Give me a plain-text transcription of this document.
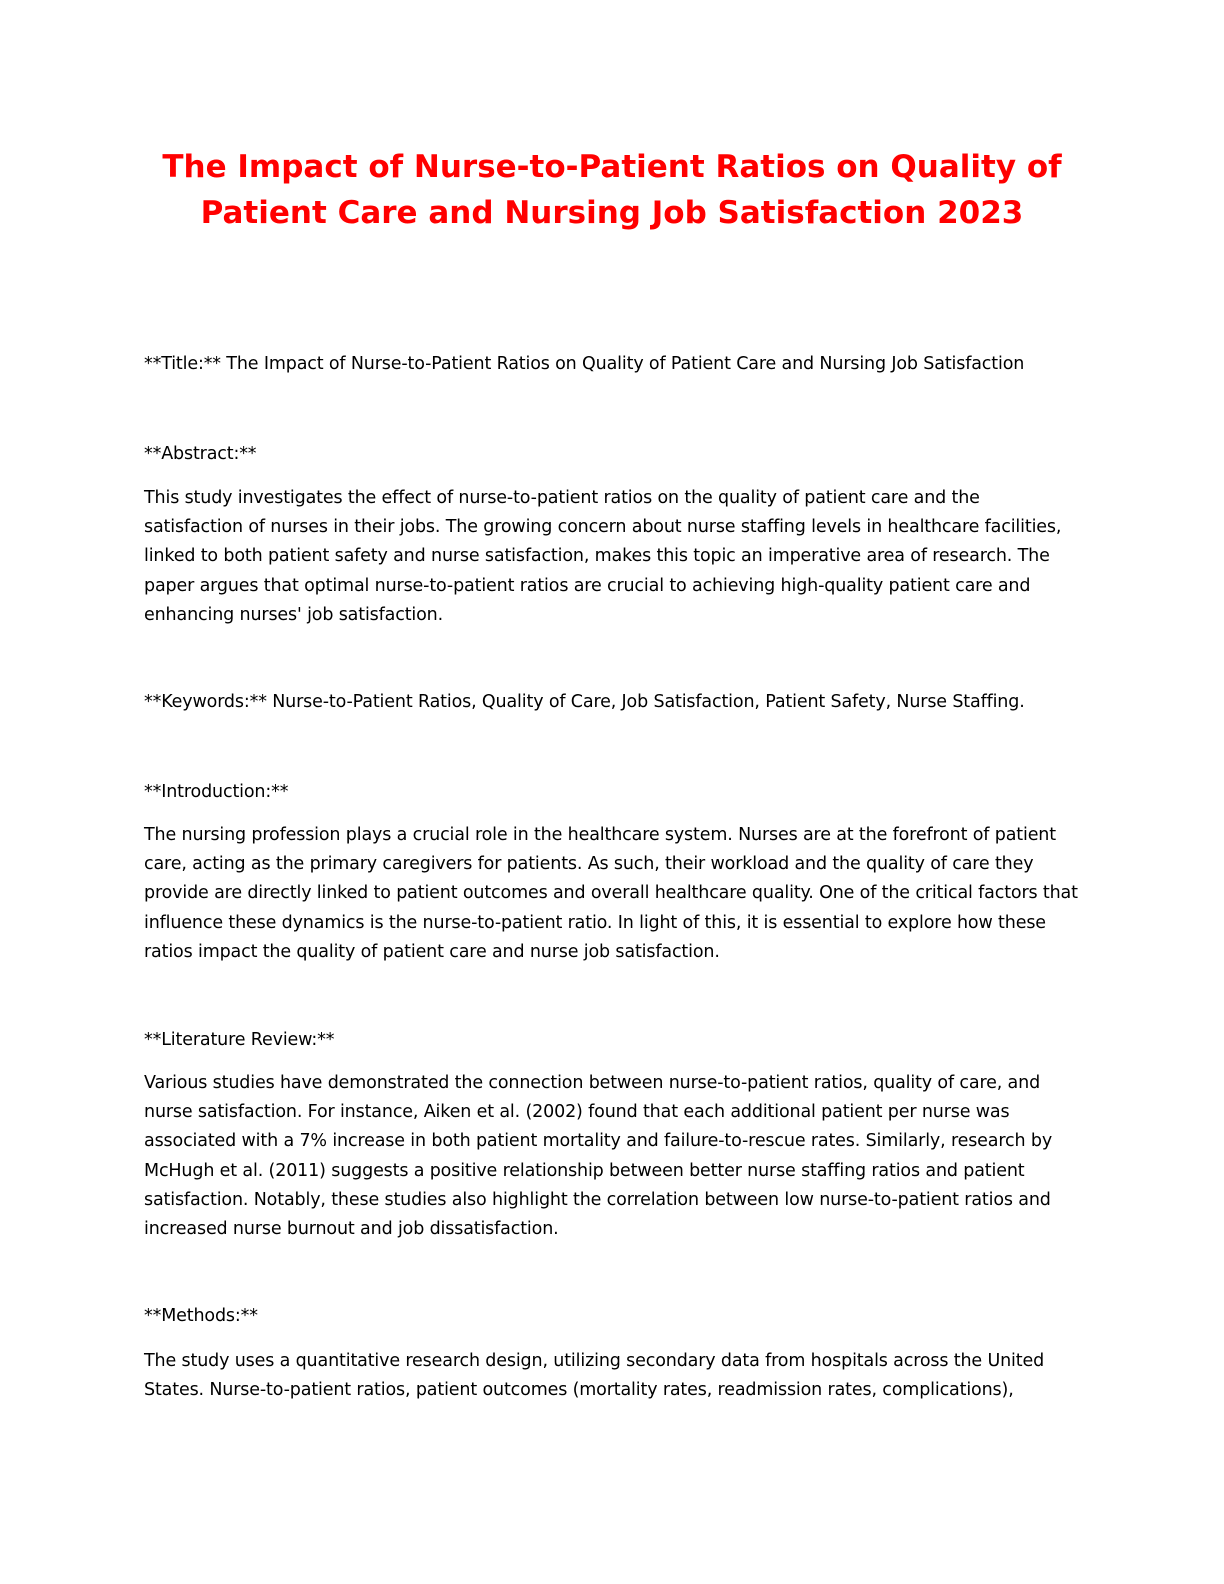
The Impact of Nurse-to-Patient Ratios on Quality of Patient Care and Nursing Job Satisfaction 2023

**Title:** The Impact of Nurse-to-Patient Ratios on Quality of Patient Care and Nursing Job Satisfaction

**Abstract:**

This study investigates the effect of nurse-to-patient ratios on the quality of patient care and the satisfaction of nurses in their jobs. The growing concern about nurse staffing levels in healthcare facilities, linked to both patient safety and nurse satisfaction, makes this topic an imperative area of research. The paper argues that optimal nurse-to-patient ratios are crucial to achieving high-quality patient care and enhancing nurses' job satisfaction.

**Keywords:** Nurse-to-Patient Ratios, Quality of Care, Job Satisfaction, Patient Safety, Nurse Staffing.

**Introduction:**

The nursing profession plays a crucial role in the healthcare system. Nurses are at the forefront of patient care, acting as the primary caregivers for patients. As such, their workload and the quality of care they provide are directly linked to patient outcomes and overall healthcare quality. One of the critical factors that influence these dynamics is the nurse-to-patient ratio. In light of this, it is essential to explore how these ratios impact the quality of patient care and nurse job satisfaction.

**Literature Review:**

Various studies have demonstrated the connection between nurse-to-patient ratios, quality of care, and nurse satisfaction. For instance, Aiken et al. (2002) found that each additional patient per nurse was associated with a 7% increase in both patient mortality and failure-to-rescue rates. Similarly, research by McHugh et al. (2011) suggests a positive relationship between better nurse staffing ratios and patient satisfaction. Notably, these studies also highlight the correlation between low nurse-to-patient ratios and increased nurse burnout and job dissatisfaction.

**Methods:**

The study uses a quantitative research design, utilizing secondary data from hospitals across the United States. Nurse-to-patient ratios, patient outcomes (mortality rates, readmission rates, complications),
